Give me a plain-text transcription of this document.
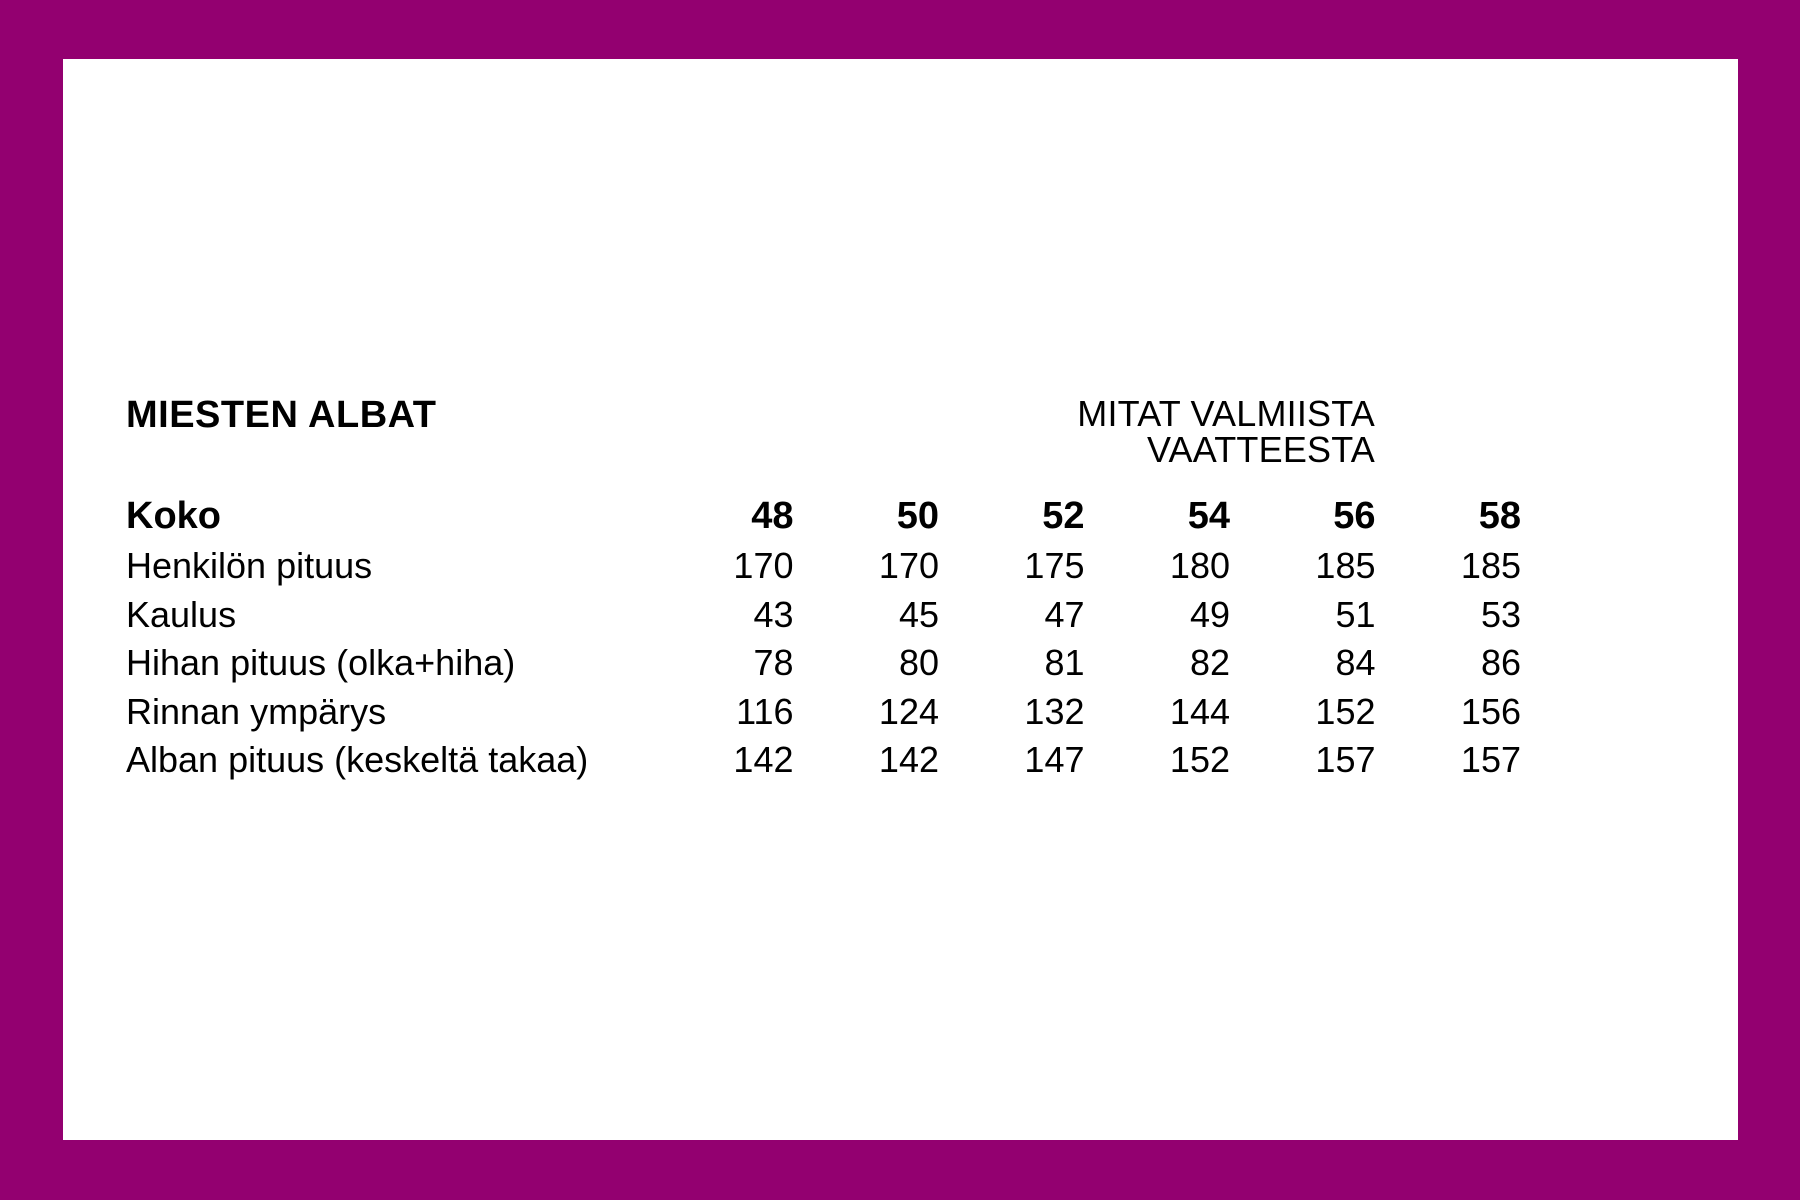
MIESTEN ALBAT	MITAT VALMIISTA VAATTEESTA
Koko	48	50	52	54	56	58
Henkilön pituus	170	170	175	180	185	185
Kaulus	43	45	47	49	51	53
Hihan pituus (olka+hiha)	78	80	81	82	84	86
Rinnan ympärys	116	124	132	144	152	156
Alban pituus (keskeltä takaa)	142	142	147	152	157	157
